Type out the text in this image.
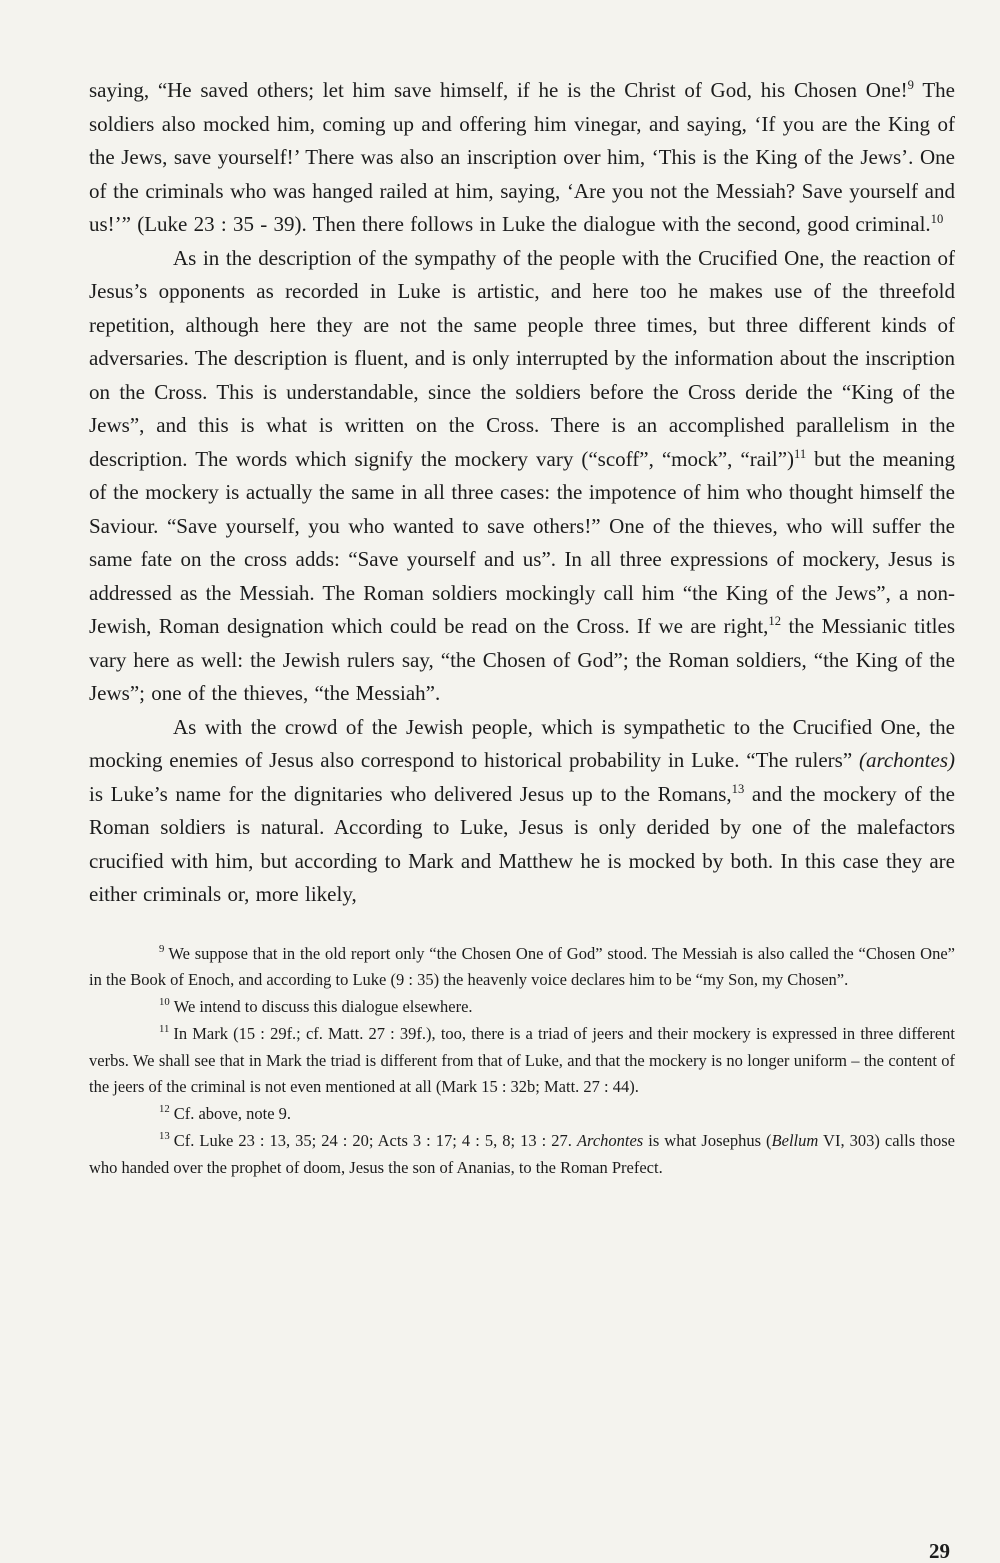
saying, “He saved others; let him save himself, if he is the Christ of God, his Chosen One!$^9$ The soldiers also mocked him, coming up and offering him vinegar, and saying, ‘If you are the King of the Jews, save yourself!’ There was also an inscription over him, ‘This is the King of the Jews’. One of the criminals who was hanged railed at him, saying, ‘Are you not the Messiah? Save yourself and us!’” (Luke 23 : 35 - 39). Then there follows in Luke the dialogue with the second, good criminal.$^{10}$

As in the description of the sympathy of the people with the Crucified One, the reaction of Jesus’s opponents as recorded in Luke is artistic, and here too he makes use of the threefold repetition, although here they are not the same people three times, but three different kinds of adversaries. The description is fluent, and is only interrupted by the information about the inscription on the Cross. This is understandable, since the soldiers before the Cross deride the “King of the Jews”, and this is what is written on the Cross. There is an accomplished parallelism in the description. The words which signify the mockery vary (“scoff”, “mock”, “rail”)$^{11}$ but the meaning of the mockery is actually the same in all three cases: the impotence of him who thought himself the Saviour. “Save yourself, you who wanted to save others!” One of the thieves, who will suffer the same fate on the cross adds: “Save yourself and us”. In all three expressions of mockery, Jesus is addressed as the Messiah. The Roman soldiers mockingly call him “the King of the Jews”, a non-Jewish, Roman designation which could be read on the Cross. If we are right,$^{12}$ the Messianic titles vary here as well: the Jewish rulers say, “the Chosen of God”; the Roman soldiers, “the King of the Jews”; one of the thieves, “the Messiah”.

As with the crowd of the Jewish people, which is sympathetic to the Crucified One, the mocking enemies of Jesus also correspond to historical probability in Luke. “The rulers” (archontes) is Luke’s name for the dignitaries who delivered Jesus up to the Romans,$^{13}$ and the mockery of the Roman soldiers is natural. According to Luke, Jesus is only derided by one of the malefactors crucified with him, but according to Mark and Matthew he is mocked by both. In this case they are either criminals or, more likely,

$^9$ We suppose that in the old report only “the Chosen One of God” stood. The Messiah is also called the “Chosen One” in the Book of Enoch, and according to Luke (9 : 35) the heavenly voice declares him to be “my Son, my Chosen”.

$^{10}$ We intend to discuss this dialogue elsewhere.

$^{11}$ In Mark (15 : 29f.; cf. Matt. 27 : 39f.), too, there is a triad of jeers and their mockery is expressed in three different verbs. We shall see that in Mark the triad is different from that of Luke, and that the mockery is no longer uniform – the content of the jeers of the criminal is not even mentioned at all (Mark 15 : 32b; Matt. 27 : 44).

$^{12}$ Cf. above, note 9.

$^{13}$ Cf. Luke 23 : 13, 35; 24 : 20; Acts 3 : 17; 4 : 5, 8; 13 : 27. Archontes is what Josephus (Bellum VI, 303) calls those who handed over the prophet of doom, Jesus the son of Ananias, to the Roman Prefect.

29
